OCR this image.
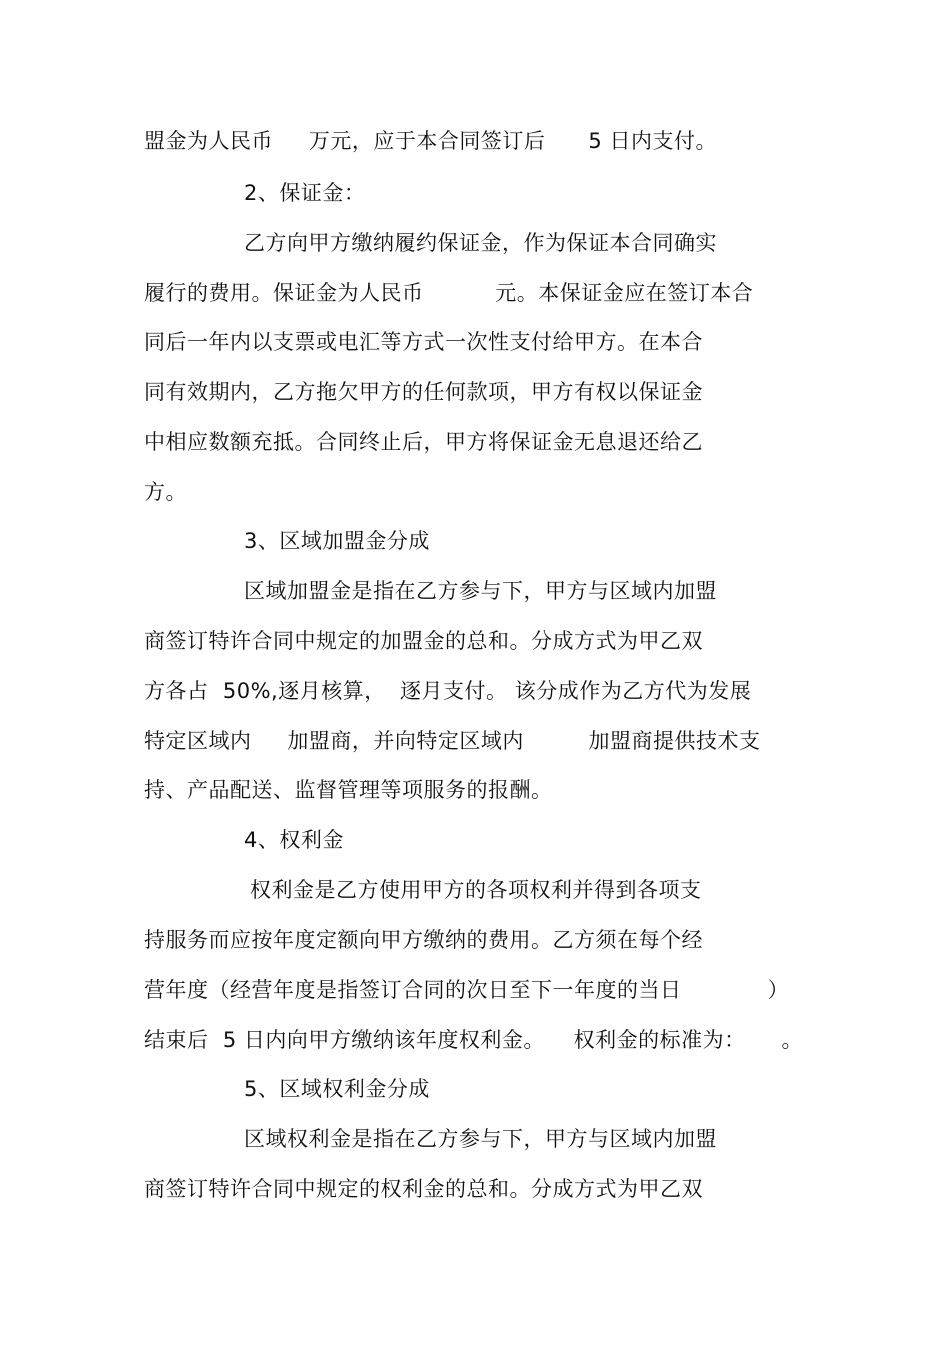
盟金为人民币     万元，应于本合同签订后      5 日内支付。
2、保证金：
乙方向甲方缴纳履约保证金，作为保证本合同确实
履行的费用。保证金为人民币          元。本保证金应在签订本合
同后一年内以支票或电汇等方式一次性支付给甲方。在本合
同有效期内，乙方拖欠甲方的任何款项，甲方有权以保证金
中相应数额充抵。合同终止后，甲方将保证金无息退还给乙
方。
3、区域加盟金分成
区域加盟金是指在乙方参与下，甲方与区域内加盟
商签订特许合同中规定的加盟金的总和。分成方式为甲乙双
方各占  50%,逐月核算，  逐月支付。 该分成作为乙方代为发展
特定区域内     加盟商，并向特定区域内         加盟商提供技术支
持、产品配送、监督管理等项服务的报酬。
4、权利金
权利金是乙方使用甲方的各项权利并得到各项支
持服务而应按年度定额向甲方缴纳的费用。乙方须在每个经
营年度（经营年度是指签订合同的次日至下一年度的当日            ）
结束后  5 日内向甲方缴纳该年度权利金。    权利金的标准为：     。
5、区域权利金分成
区域权利金是指在乙方参与下，甲方与区域内加盟
商签订特许合同中规定的权利金的总和。分成方式为甲乙双
